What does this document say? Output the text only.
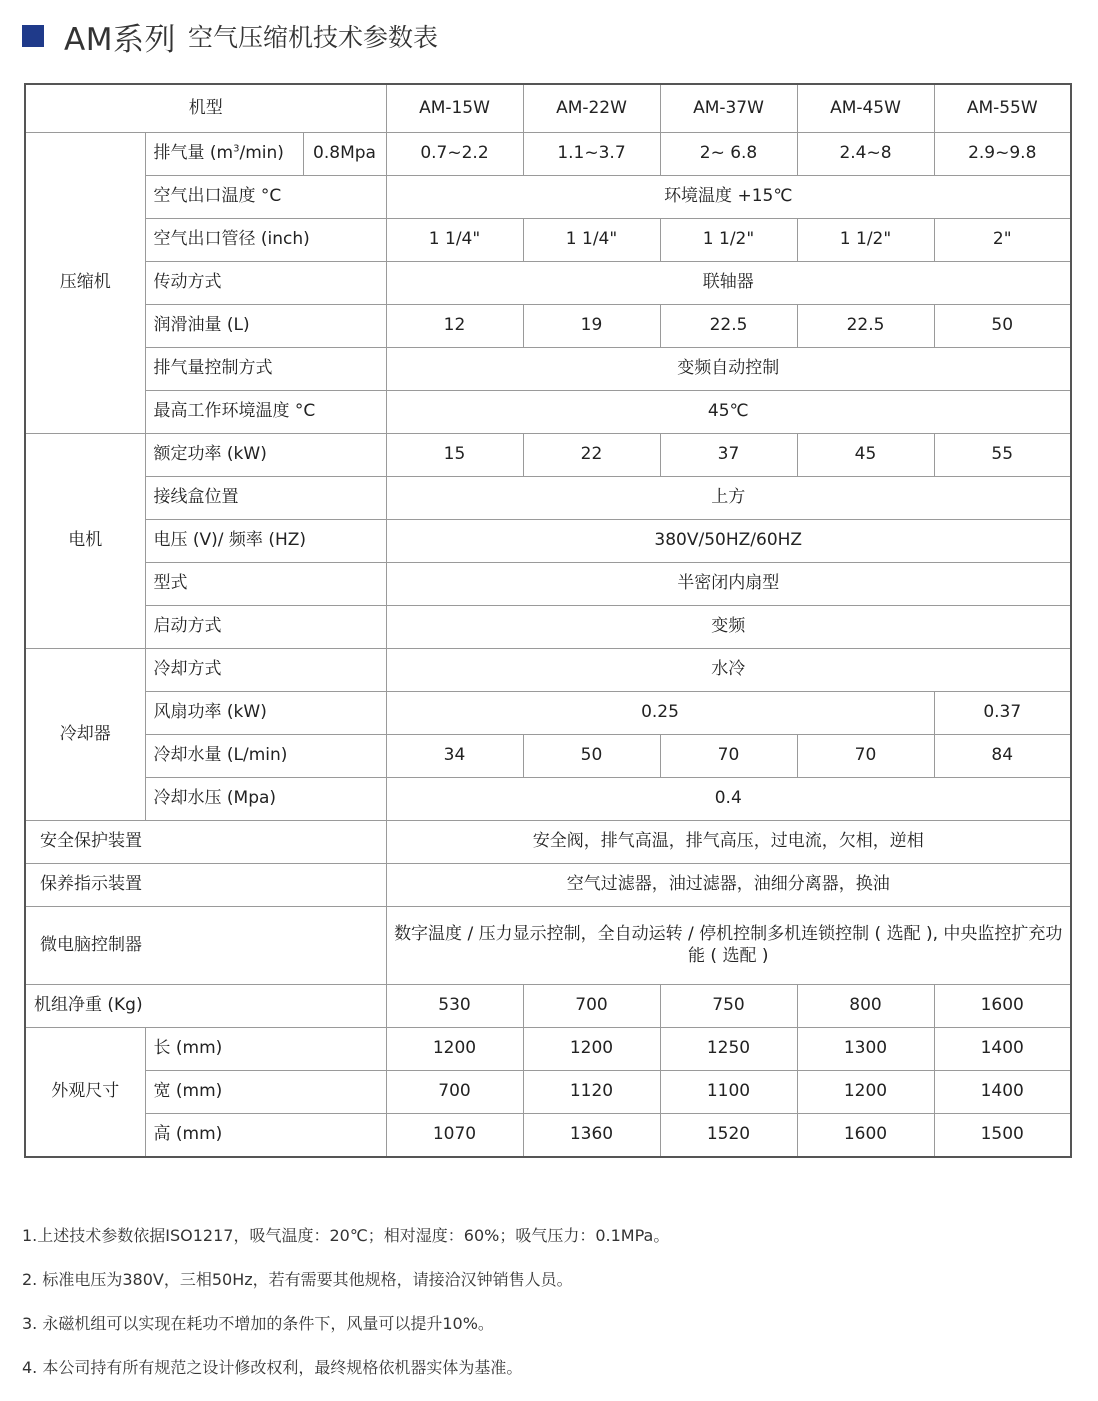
AM系列 空气压缩机技术参数表
机型			AM-15W	AM-22W	AM-37W	AM-45W	AM-55W
压缩机	排气量 $(m^3/\min)$	0.8Mpa	0.7~2.2	1.1~3.7	2~ 6.8	2.4~8	2.9~9.8
	空气出口温度 °C		环境温度 +15℃				
	空气出口管径 (inch)		1 1/4"	1 1/4"	1 1/2"	1 1/2"	2"
	传动方式		联轴器				
	润滑油量 (L)		12	19	22.5	22.5	50
	排气量控制方式		变频自动控制				
	最高工作环境温度 °C		45℃				
电机	额定功率 (kW)		15	22	37	45	55
	接线盒位置		上方				
	电压 (V)/ 频率 (HZ)		380V/50HZ/60HZ				
	型式		半密闭内扇型				
	启动方式		变频				
冷却器	冷却方式		水冷				
	风扇功率 (kW)		0.25				0.37
	冷却水量 (L/min)		34	50	70	70	84
	冷却水压 (Mpa)		0.4				
安全保护装置			安全阀，排气高温，排气高压，过电流，欠相，逆相				
保养指示装置			空气过滤器，油过滤器，油细分离器，换油				
微电脑控制器			数字温度 / 压力显示控制，全自动运转 / 停机控制多机连锁控制 ( 选配 ), 中央监控扩充功能 ( 选配 )				
机组净重 (Kg)			530	700	750	800	1600
外观尺寸	长 (mm)		1200	1200	1250	1300	1400
	宽 (mm)		700	1120	1100	1200	1400
	高 (mm)		1070	1360	1520	1600	1500
1.上述技术参数依据ISO1217，吸气温度：20℃；相对湿度：60%；吸气压力：0.1MPa。
2. 标准电压为380V，三相50Hz，若有需要其他规格，请接洽汉钟销售人员。
3. 永磁机组可以实现在耗功不增加的条件下，风量可以提升10%。
4. 本公司持有所有规范之设计修改权利，最终规格依机器实体为基准。
